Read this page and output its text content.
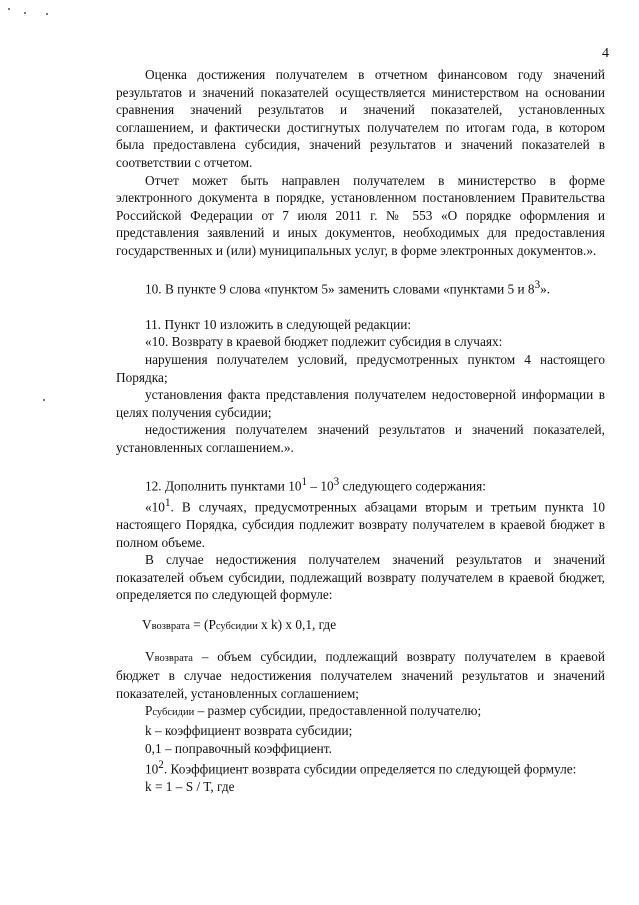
4

Оценка достижения получателем в отчетном финансовом году значений результатов и значений показателей осуществляется министерством на основании сравнения значений результатов и значений показателей, установленных соглашением, и фактически достигнутых получателем по итогам года, в котором была предоставлена субсидия, значений результатов и значений показателей в соответствии с отчетом.

Отчет может быть направлен получателем в министерство в форме электронного документа в порядке, установленном постановлением Правительства Российской Федерации от 7 июля 2011 г. № 553 «О порядке оформления и представления заявлений и иных документов, необходимых для предоставления государственных и (или) муниципальных услуг, в форме электронных документов.».

10. В пункте 9 слова «пунктом 5» заменить словами «пунктами 5 и $8^3$».

11. Пункт 10 изложить в следующей редакции:

«10. Возврату в краевой бюджет подлежит субсидия в случаях:

нарушения получателем условий, предусмотренных пунктом 4 настоящего Порядка;

установления факта представления получателем недостоверной информации в целях получения субсидии;

недостижения получателем значений результатов и значений показателей, установленных соглашением.».

12. Дополнить пунктами $10^1 - 10^3$ следующего содержания:

«$10^1$. В случаях, предусмотренных абзацами вторым и третьим пункта 10 настоящего Порядка, субсидия подлежит возврату получателем в краевой бюджет в полном объеме.

В случае недостижения получателем значений результатов и значений показателей объем субсидии, подлежащий возврату получателем в краевой бюджет, определяется по следующей формуле:

Vвозврата = (Pсубсидии x k) x 0,1, где

Vвозврата – объем субсидии, подлежащий возврату получателем в краевой бюджет в случае недостижения получателем значений результатов и значений показателей, установленных соглашением;

Pсубсидии – размер субсидии, предоставленной получателю;

k – коэффициент возврата субсидии;

0,1 – поправочный коэффициент.

$10^2$. Коэффициент возврата субсидии определяется по следующей формуле:

k = 1 – S / T, где
